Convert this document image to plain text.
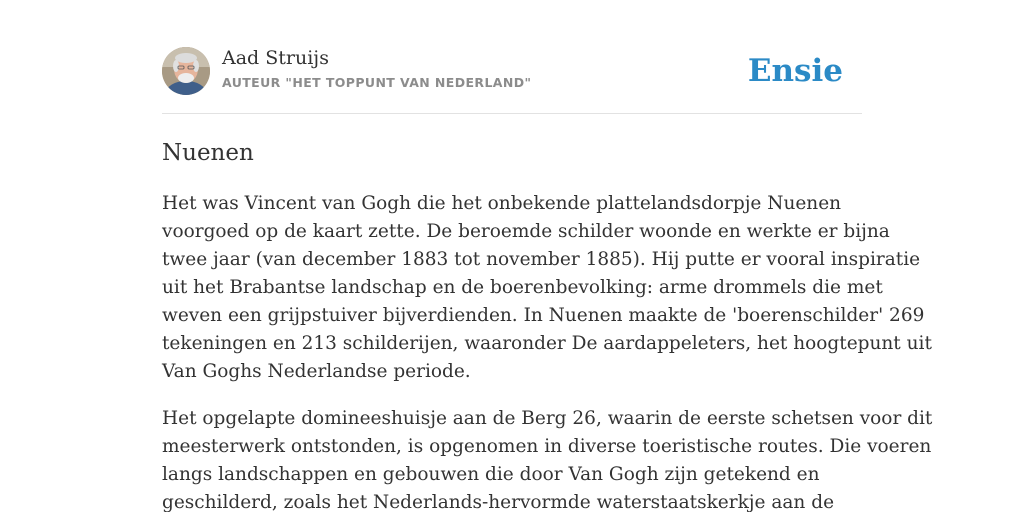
Aad Struijs
AUTEUR "HET TOPPUNT VAN NEDERLAND"	Ensie
Nuenen

Het was Vincent van Gogh die het onbekende plattelandsdorpje Nuenen
voorgoed op de kaart zette. De beroemde schilder woonde en werkte er bijna
twee jaar (van december 1883 tot november 1885). Hij putte er vooral inspiratie
uit het Brabantse landschap en de boerenbevolking: arme drommels die met
weven een grijpstuiver bijverdienden. In Nuenen maakte de 'boerenschilder' 269
tekeningen en 213 schilderijen, waaronder De aardappeleters, het hoogtepunt uit
Van Goghs Nederlandse periode.

Het opgelapte domineeshuisje aan de Berg 26, waarin de eerste schetsen voor dit
meesterwerk ontstonden, is opgenomen in diverse toeristische routes. Die voeren
langs landschappen en gebouwen die door Van Gogh zijn getekend en
geschilderd, zoals het Nederlands-hervormde waterstaatskerkje aan de
